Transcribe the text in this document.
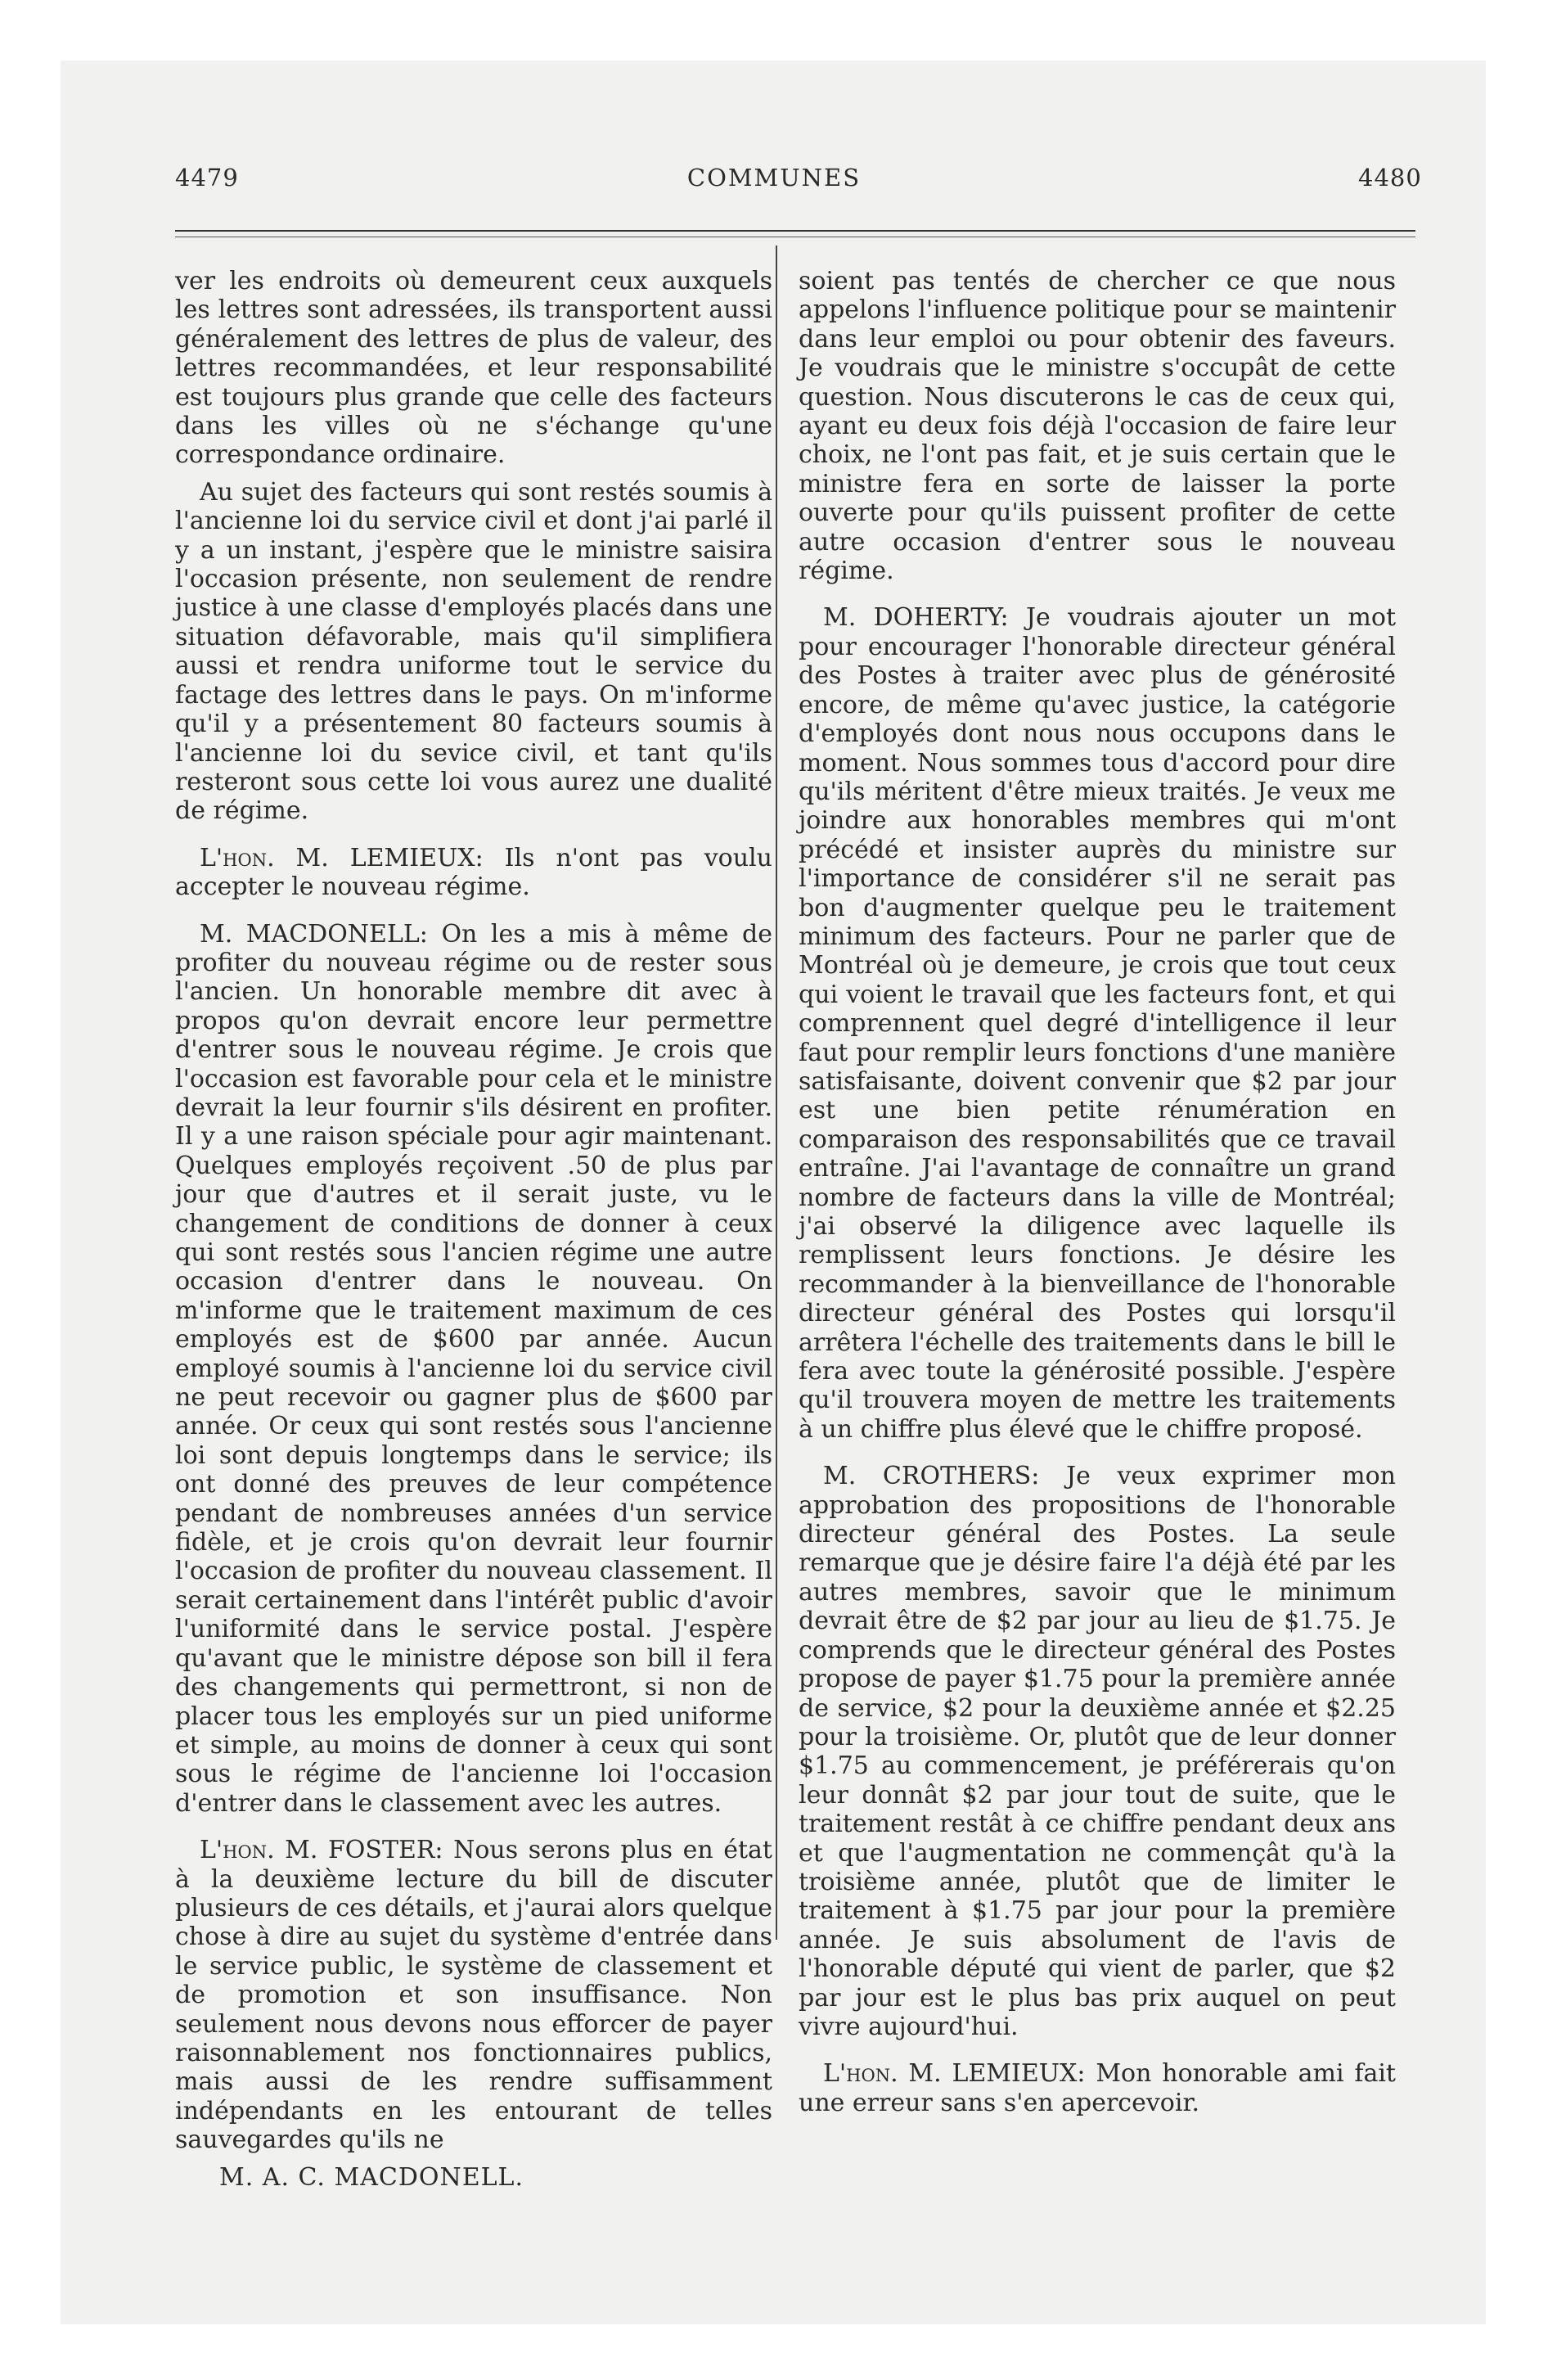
4479	COMMUNES	4480

ver les endroits où demeurent ceux auxquels les lettres sont adressées, ils transportent aussi généralement des lettres de plus de valeur, des lettres recommandées, et leur responsabilité est toujours plus grande que celle des facteurs dans les villes où ne s'échange qu'une correspondance ordinaire.

Au sujet des facteurs qui sont restés soumis à l'ancienne loi du service civil et dont j'ai parlé il y a un instant, j'espère que le ministre saisira l'occasion présente, non seulement de rendre justice à une classe d'employés placés dans une situation défavorable, mais qu'il simplifiera aussi et rendra uniforme tout le service du factage des lettres dans le pays. On m'informe qu'il y a présentement 80 facteurs soumis à l'ancienne loi du sevice civil, et tant qu'ils resteront sous cette loi vous aurez une dualité de régime.

L'hon. M. LEMIEUX: Ils n'ont pas voulu accepter le nouveau régime.

M. MACDONELL: On les a mis à même de profiter du nouveau régime ou de rester sous l'ancien. Un honorable membre dit avec à propos qu'on devrait encore leur permettre d'entrer sous le nouveau régime. Je crois que l'occasion est favorable pour cela et le ministre devrait la leur fournir s'ils désirent en profiter. Il y a une raison spéciale pour agir maintenant. Quelques employés reçoivent .50 de plus par jour que d'autres et il serait juste, vu le changement de conditions de donner à ceux qui sont restés sous l'ancien régime une autre occasion d'entrer dans le nouveau. On m'informe que le traitement maximum de ces employés est de $600 par année. Aucun employé soumis à l'ancienne loi du service civil ne peut recevoir ou gagner plus de $600 par année. Or ceux qui sont restés sous l'ancienne loi sont depuis longtemps dans le service; ils ont donné des preuves de leur compétence pendant de nombreuses années d'un service fidèle, et je crois qu'on devrait leur fournir l'occasion de profiter du nouveau classement. Il serait certainement dans l'intérêt public d'avoir l'uniformité dans le service postal. J'espère qu'avant que le ministre dépose son bill il fera des changements qui permettront, si non de placer tous les employés sur un pied uniforme et simple, au moins de donner à ceux qui sont sous le régime de l'ancienne loi l'occasion d'entrer dans le classement avec les autres.

L'hon. M. FOSTER: Nous serons plus en état à la deuxième lecture du bill de discuter plusieurs de ces détails, et j'aurai alors quelque chose à dire au sujet du système d'entrée dans le service public, le système de classement et de promotion et son insuffisance. Non seulement nous devons nous efforcer de payer raisonnablement nos fonctionnaires publics, mais aussi de les rendre suffisamment indépendants en les entourant de telles sauvegardes qu'ils ne

M. A. C. MACDONELL.

soient pas tentés de chercher ce que nous appelons l'influence politique pour se maintenir dans leur emploi ou pour obtenir des faveurs. Je voudrais que le ministre s'occupât de cette question. Nous discuterons le cas de ceux qui, ayant eu deux fois déjà l'occasion de faire leur choix, ne l'ont pas fait, et je suis certain que le ministre fera en sorte de laisser la porte ouverte pour qu'ils puissent profiter de cette autre occasion d'entrer sous le nouveau régime.

M. DOHERTY: Je voudrais ajouter un mot pour encourager l'honorable directeur général des Postes à traiter avec plus de générosité encore, de même qu'avec justice, la catégorie d'employés dont nous nous occupons dans le moment. Nous sommes tous d'accord pour dire qu'ils méritent d'être mieux traités. Je veux me joindre aux honorables membres qui m'ont précédé et insister auprès du ministre sur l'importance de considérer s'il ne serait pas bon d'augmenter quelque peu le traitement minimum des facteurs. Pour ne parler que de Montréal où je demeure, je crois que tout ceux qui voient le travail que les facteurs font, et qui comprennent quel degré d'intelligence il leur faut pour remplir leurs fonctions d'une manière satisfaisante, doivent convenir que $2 par jour est une bien petite rénumération en comparaison des responsabilités que ce travail entraîne. J'ai l'avantage de connaître un grand nombre de facteurs dans la ville de Montréal; j'ai observé la diligence avec laquelle ils remplissent leurs fonctions. Je désire les recommander à la bienveillance de l'honorable directeur général des Postes qui lorsqu'il arrêtera l'échelle des traitements dans le bill le fera avec toute la générosité possible. J'espère qu'il trouvera moyen de mettre les traitements à un chiffre plus élevé que le chiffre proposé.

M. CROTHERS: Je veux exprimer mon approbation des propositions de l'honorable directeur général des Postes. La seule remarque que je désire faire l'a déjà été par les autres membres, savoir que le minimum devrait être de $2 par jour au lieu de $1.75. Je comprends que le directeur général des Postes propose de payer $1.75 pour la première année de service, $2 pour la deuxième année et $2.25 pour la troisième. Or, plutôt que de leur donner $1.75 au commencement, je préférerais qu'on leur donnât $2 par jour tout de suite, que le traitement restât à ce chiffre pendant deux ans et que l'augmentation ne commençât qu'à la troisième année, plutôt que de limiter le traitement à $1.75 par jour pour la première année. Je suis absolument de l'avis de l'honorable député qui vient de parler, que $2 par jour est le plus bas prix auquel on peut vivre aujourd'hui.

L'hon. M. LEMIEUX: Mon honorable ami fait une erreur sans s'en apercevoir.
